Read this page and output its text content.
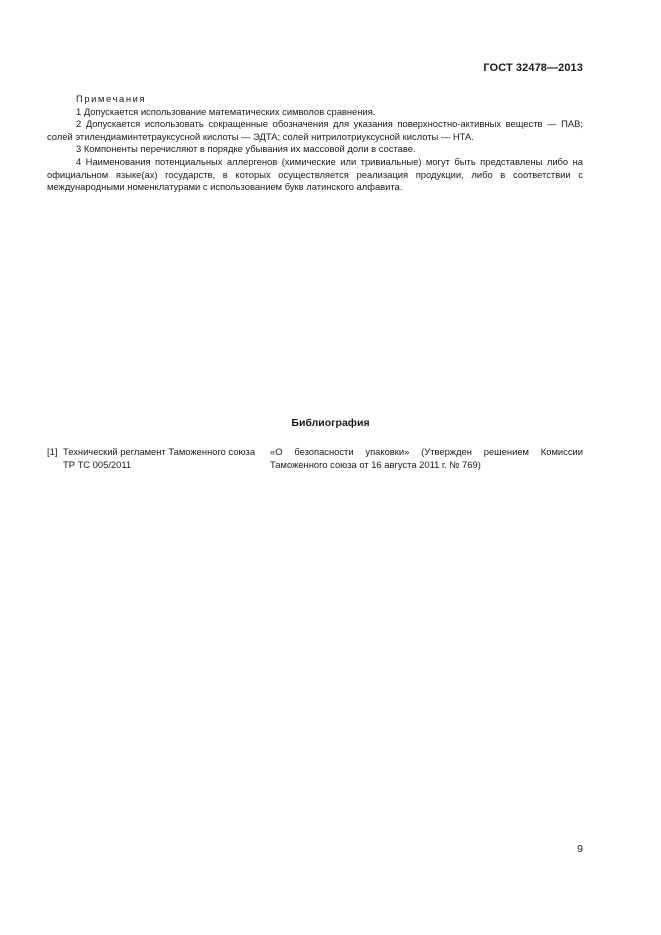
ГОСТ 32478—2013
Примечания

1 Допускается использование математических символов сравнения.

2 Допускается использовать сокращенные обозначения для указания поверхностно-активных веществ — ПАВ; солей этилендиаминтетрауксусной кислоты — ЭДТА; солей нитрилотриуксусной кислоты — НТА.

3 Компоненты перечисляют в порядке убывания их массовой доли в составе.

4 Наименования потенциальных аллергенов (химические или тривиальные) могут быть представлены либо на официальном языке(ах) государств, в которых осуществляется реализация продукции, либо в соответствии с международными номенклатурами с использованием букв латинского алфавита.

Библиография
[1] Технический регламент Таможенного союза ТР ТС 005/2011
«О безопасности упаковки» (Утвержден решением Комиссии Таможенного союза от 16 августа 2011 г. № 769)
9
